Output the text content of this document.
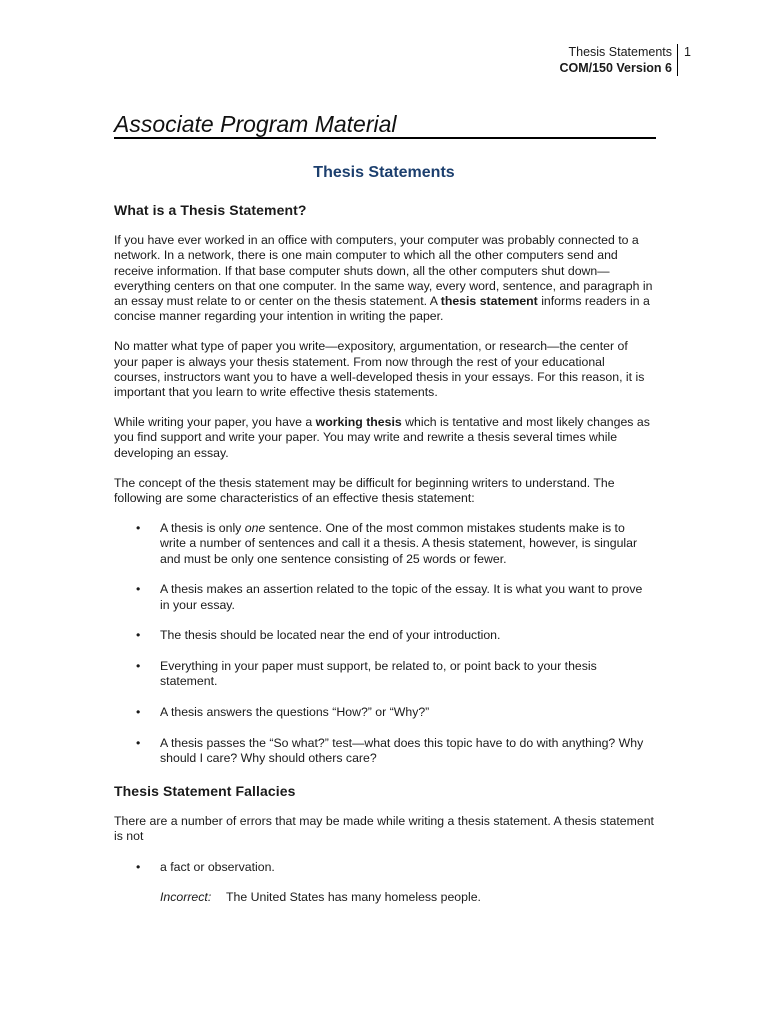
Thesis Statements
COM/150 Version 6
1
Associate Program Material
Thesis Statements
What is a Thesis Statement?

If you have ever worked in an office with computers, your computer was probably connected to a network. In a network, there is one main computer to which all the other computers send and receive information. If that base computer shuts down, all the other computers shut down—everything centers on that one computer. In the same way, every word, sentence, and paragraph in an essay must relate to or center on the thesis statement. A thesis statement informs readers in a concise manner regarding your intention in writing the paper.

No matter what type of paper you write—expository, argumentation, or research—the center of your paper is always your thesis statement. From now through the rest of your educational courses, instructors want you to have a well-developed thesis in your essays. For this reason, it is important that you learn to write effective thesis statements.

While writing your paper, you have a working thesis which is tentative and most likely changes as you find support and write your paper. You may write and rewrite a thesis several times while developing an essay.

The concept of the thesis statement may be difficult for beginning writers to understand. The following are some characteristics of an effective thesis statement:

• A thesis is only one sentence. One of the most common mistakes students make is to write a number of sentences and call it a thesis. A thesis statement, however, is singular and must be only one sentence consisting of 25 words or fewer.
• A thesis makes an assertion related to the topic of the essay. It is what you want to prove in your essay.
• The thesis should be located near the end of your introduction.
• Everything in your paper must support, be related to, or point back to your thesis statement.
• A thesis answers the questions “How?” or “Why?”
• A thesis passes the “So what?” test—what does this topic have to do with anything? Why should I care? Why should others care?
Thesis Statement Fallacies

There are a number of errors that may be made while writing a thesis statement. A thesis statement is not

• a fact or observation.
Incorrect: The United States has many homeless people.
